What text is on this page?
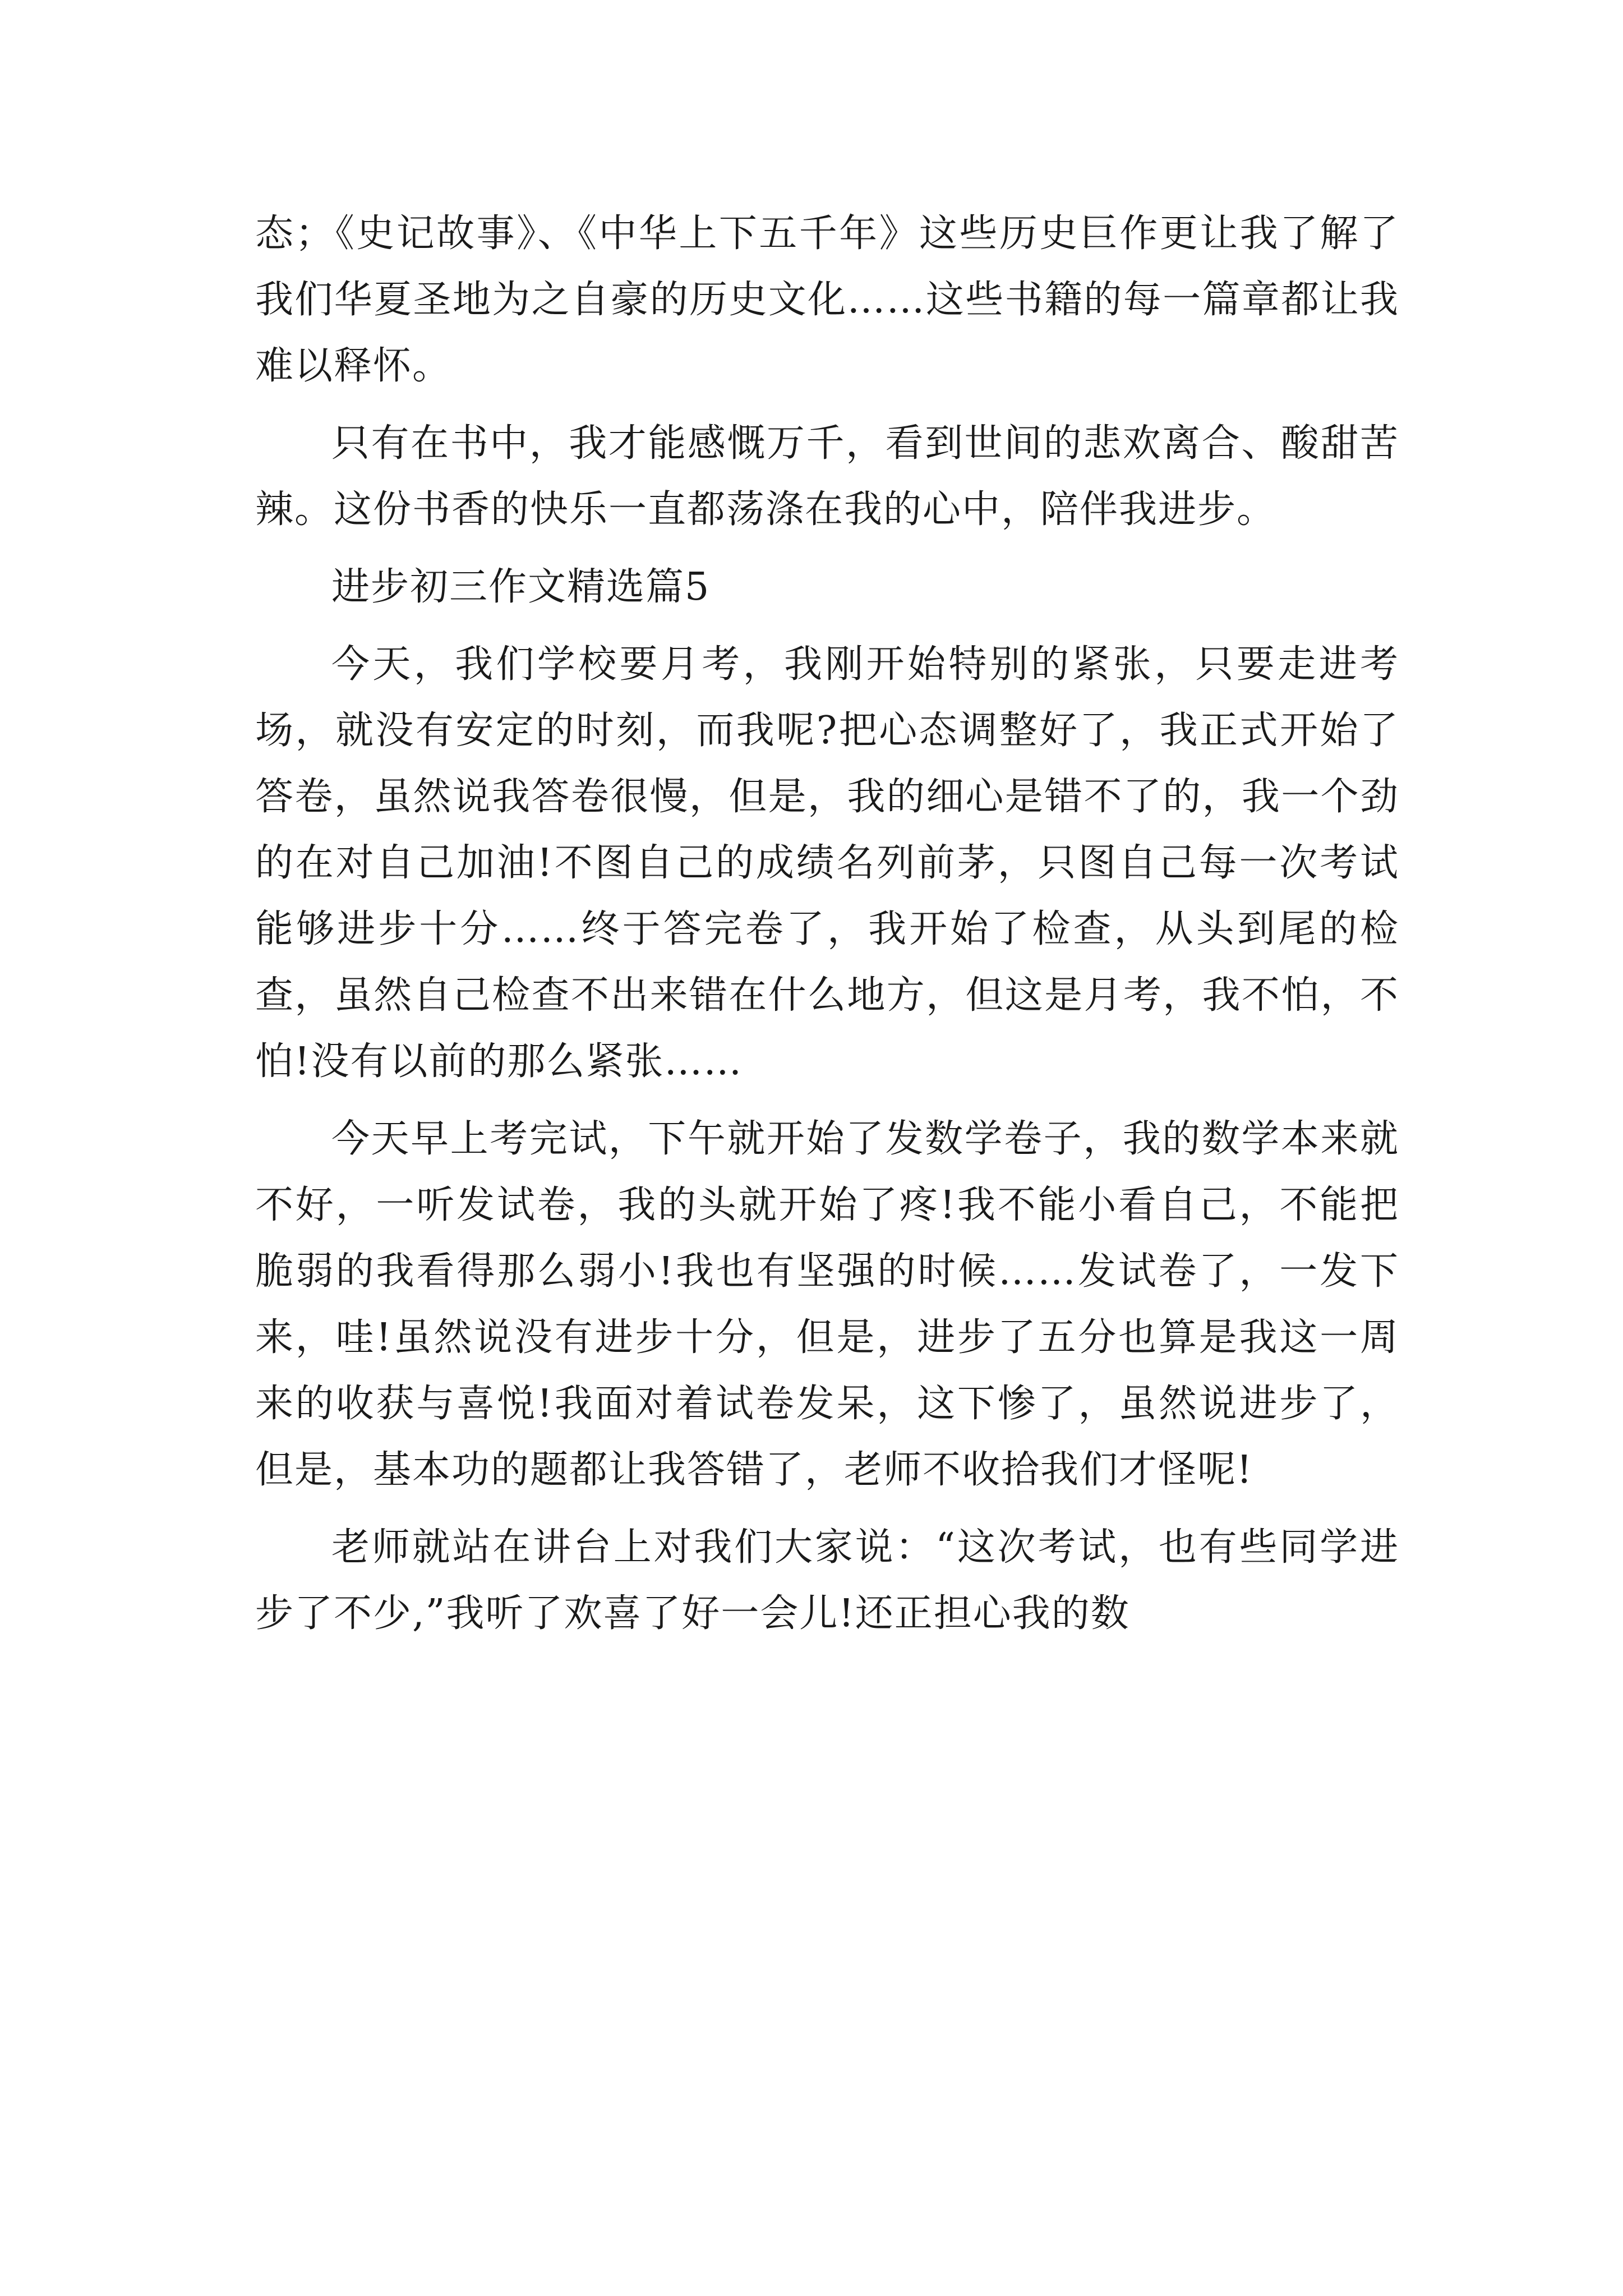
态；《史记故事》、《中华上下五千年》这些历史巨作更让我了解了我们华夏圣地为之自豪的历史文化……这些书籍的每一篇章都让我难以释怀。

只有在书中，我才能感慨万千，看到世间的悲欢离合、酸甜苦辣。这份书香的快乐一直都荡涤在我的心中，陪伴我进步。

进步初三作文精选篇5

今天，我们学校要月考，我刚开始特别的紧张，只要走进考场，就没有安定的时刻，而我呢?把心态调整好了，我正式开始了答卷，虽然说我答卷很慢，但是，我的细心是错不了的，我一个劲的在对自己加油!不图自己的成绩名列前茅，只图自己每一次考试能够进步十分……终于答完卷了，我开始了检查，从头到尾的检查，虽然自己检查不出来错在什么地方，但这是月考，我不怕，不怕!没有以前的那么紧张……

今天早上考完试，下午就开始了发数学卷子，我的数学本来就不好，一听发试卷，我的头就开始了疼!我不能小看自己，不能把脆弱的我看得那么弱小!我也有坚强的时候……发试卷了，一发下来，哇!虽然说没有进步十分，但是，进步了五分也算是我这一周来的收获与喜悦!我面对着试卷发呆，这下惨了，虽然说进步了，但是，基本功的题都让我答错了，老师不收拾我们才怪呢!

老师就站在讲台上对我们大家说：“这次考试，也有些同学进步了不少,”我听了欢喜了好一会儿!还正担心我的数
